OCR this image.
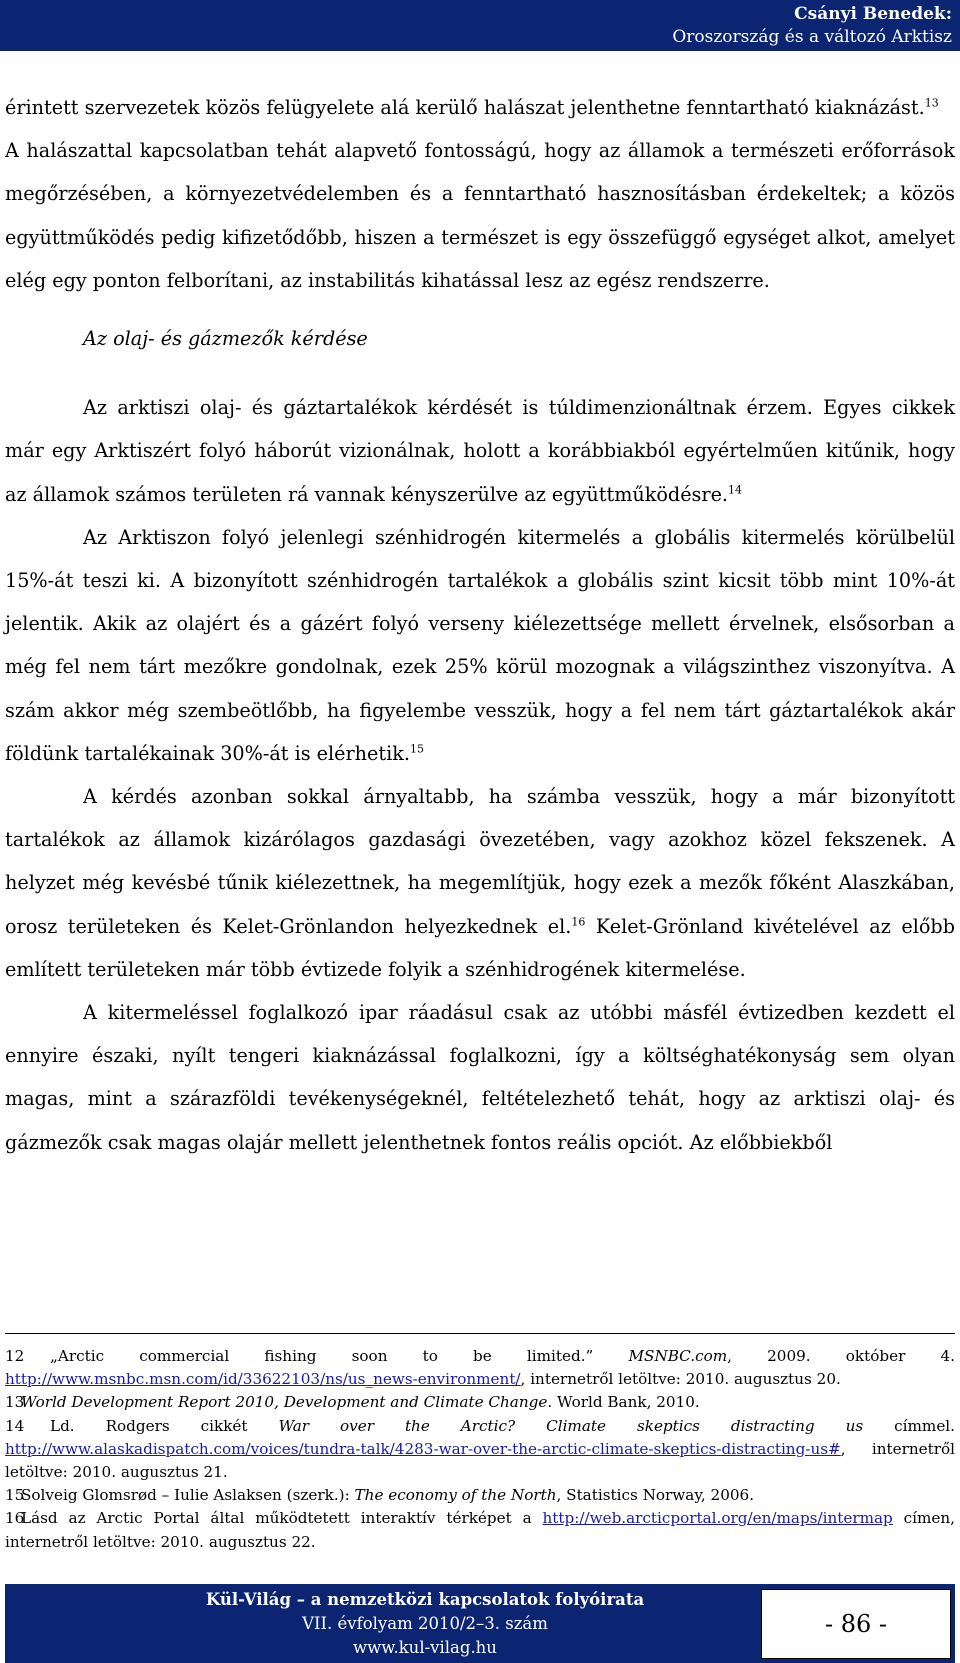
Csányi Benedek:
Oroszország és a változó Arktisz

érintett szervezetek közös felügyelete alá kerülő halászat jelenthetne fenntartható kiaknázást.$^{13}$

A halászattal kapcsolatban tehát alapvető fontosságú, hogy az államok a természeti erőforrások megőrzésében, a környezetvédelemben és a fenntartható hasznosításban érdekeltek; a közös együttműködés pedig kifizetődőbb, hiszen a természet is egy összefüggő egységet alkot, amelyet elég egy ponton felborítani, az instabilitás kihatással lesz az egész rendszerre.

Az olaj- és gázmezők kérdése

Az arktiszi olaj- és gáztartalékok kérdését is túldimenzionáltnak érzem. Egyes cikkek már egy Arktiszért folyó háborút vizionálnak, holott a korábbiakból egyértelműen kitűnik, hogy az államok számos területen rá vannak kényszerülve az együttműködésre.$^{14}$

Az Arktiszon folyó jelenlegi szénhidrogén kitermelés a globális kitermelés körülbelül 15%-át teszi ki. A bizonyított szénhidrogén tartalékok a globális szint kicsit több mint 10%-át jelentik. Akik az olajért és a gázért folyó verseny kiélezettsége mellett érvelnek, elsősorban a még fel nem tárt mezőkre gondolnak, ezek 25% körül mozognak a világszinthez viszonyítva. A szám akkor még szembeötlőbb, ha figyelembe vesszük, hogy a fel nem tárt gáztartalékok akár földünk tartalékainak 30%-át is elérhetik.$^{15}$

A kérdés azonban sokkal árnyaltabb, ha számba vesszük, hogy a már bizonyított tartalékok az államok kizárólagos gazdasági övezetében, vagy azokhoz közel fekszenek. A helyzet még kevésbé tűnik kiélezettnek, ha megemlítjük, hogy ezek a mezők főként Alaszkában, orosz területeken és Kelet-Grönlandon helyezkednek el.$^{16}$ Kelet-Grönland kivételével az előbb említett területeken már több évtizede folyik a szénhidrogének kitermelése.

A kitermeléssel foglalkozó ipar ráadásul csak az utóbbi másfél évtizedben kezdett el ennyire északi, nyílt tengeri kiaknázással foglalkozni, így a költséghatékonyság sem olyan magas, mint a szárazföldi tevékenységeknél, feltételezhető tehát, hogy az arktiszi olaj- és gázmezők csak magas olajár mellett jelenthetnek fontos reális opciót. Az előbbiekből

12 „Arctic commercial fishing soon to be limited.” MSNBC.com, 2009. október 4. http://www.msnbc.msn.com/id/33622103/ns/us_news-environment/, internetről letöltve: 2010. augusztus 20.

13World Development Report 2010, Development and Climate Change. World Bank, 2010.

14 Ld. Rodgers cikkét War over the Arctic? Climate skeptics distracting us címmel. http://www.alaskadispatch.com/voices/tundra-talk/4283-war-over-the-arctic-climate-skeptics-distracting-us#, internetről letöltve: 2010. augusztus 21.

15Solveig Glomsrød – Iulie Aslaksen (szerk.): The economy of the North, Statistics Norway, 2006.

16Lásd az Arctic Portal által működtetett interaktív térképet a http://web.arcticportal.org/en/maps/intermap címen, internetről letöltve: 2010. augusztus 22.

Kül-Világ – a nemzetközi kapcsolatok folyóirata
VII. évfolyam 2010/2–3. szám
www.kul-vilag.hu
- 86 -
